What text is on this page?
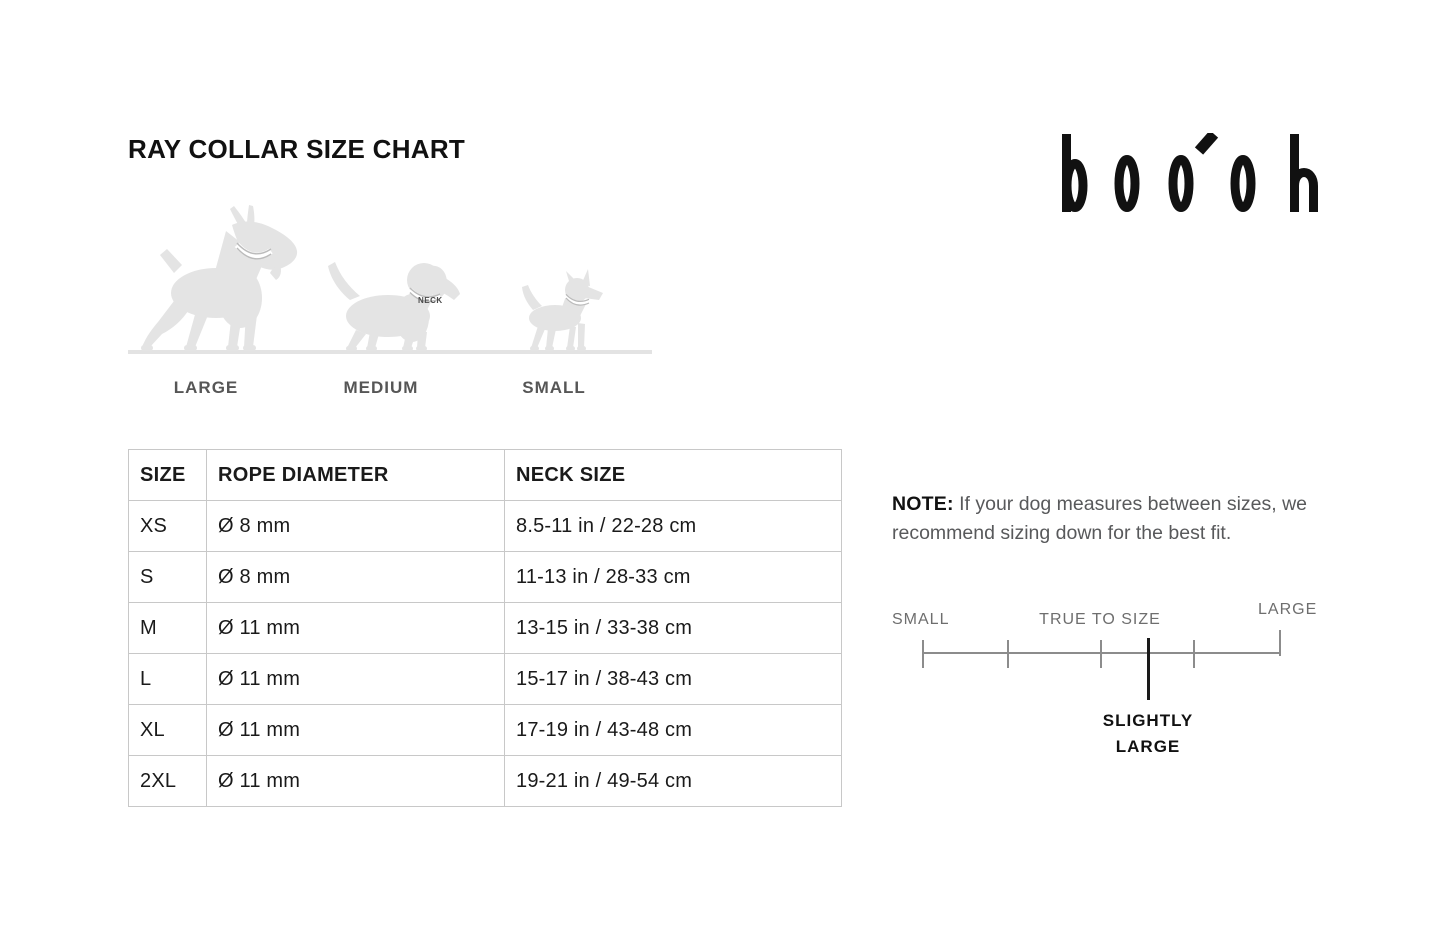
RAY COLLAR SIZE CHART
NECK
LARGE	MEDIUM	SMALL
SIZE	ROPE DIAMETER	NECK SIZE
XS	Ø 8 mm	8.5-11 in / 22-28 cm
S	Ø 8 mm	11-13 in / 28-33 cm
M	Ø 11 mm	13-15 in / 33-38 cm
L	Ø 11 mm	15-17 in / 38-43 cm
XL	Ø 11 mm	17-19 in / 43-48 cm
2XL	Ø 11 mm	19-21 in / 49-54 cm

NOTE: If your dog measures between sizes, we recommend sizing down for the best fit.

SMALL	TRUE TO SIZE
LARGE
SLIGHTLY
LARGE
